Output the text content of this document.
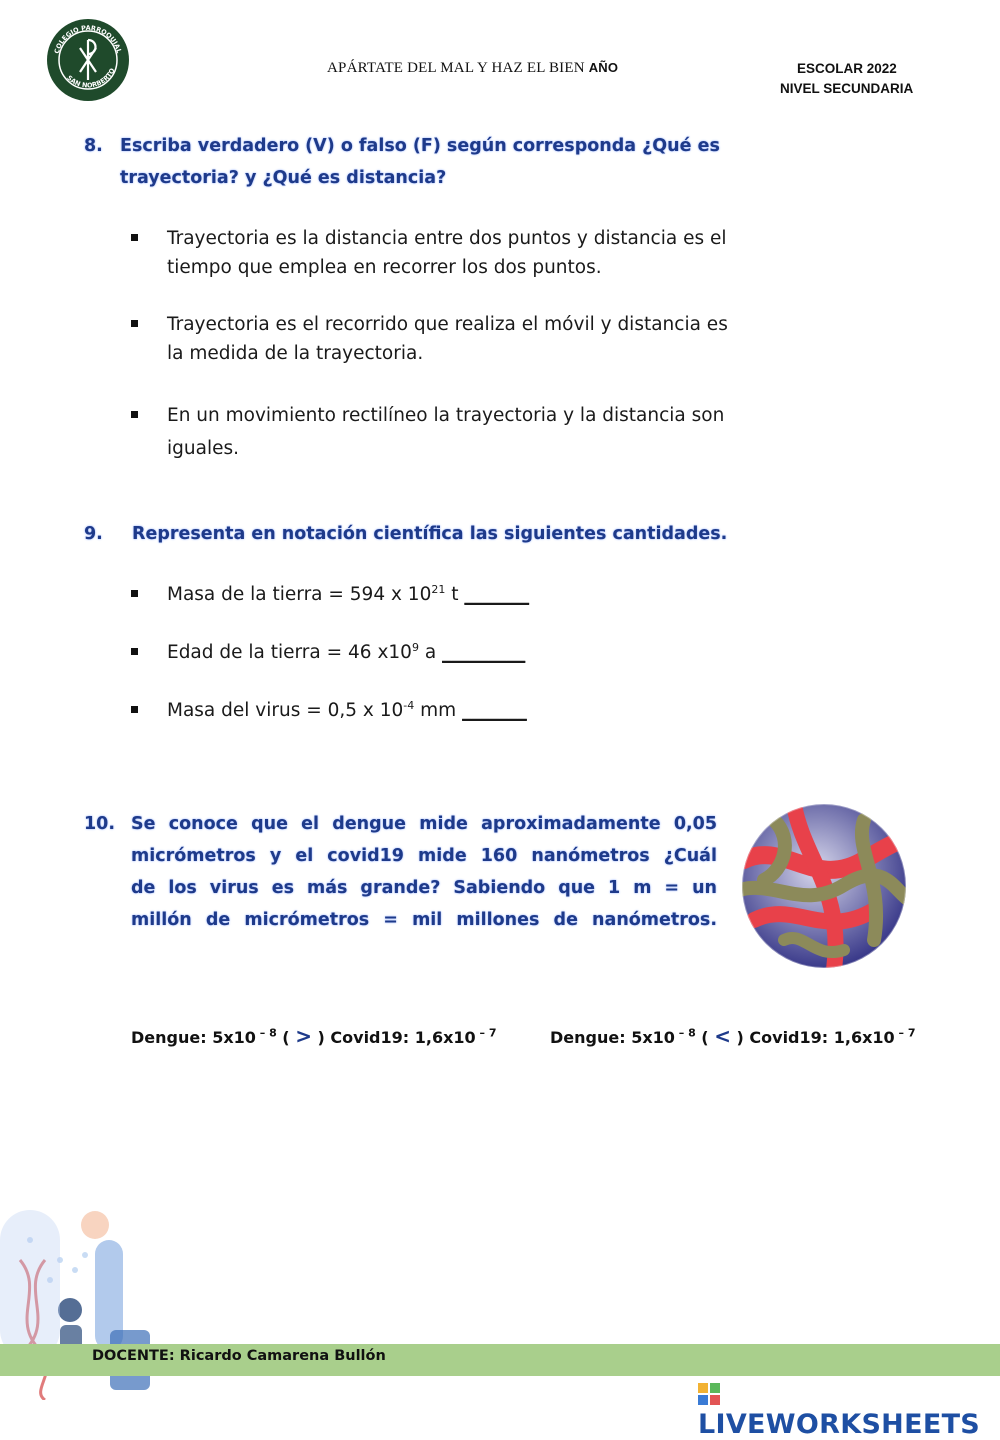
COLEGIO PARROQUIAL
SAN NORBERTO	APÁRTATE DEL MAL Y HAZ EL BIEN AÑO	ESCOLAR 2022
NIVEL SECUNDARIA
8. Escriba verdadero (V) o falso (F) según corresponda ¿Qué es
trayectoria? y ¿Qué es distancia?
Trayectoria es la distancia entre dos puntos y distancia es el
tiempo que emplea en recorrer los dos puntos.
Trayectoria es el recorrido que realiza el móvil y distancia es
la medida de la trayectoria.
En un movimiento rectilíneo la trayectoria y la distancia son
iguales.
9. Representa en notación científica las siguientes cantidades.
Masa de la tierra = 594 x $10^{21}$ t _______
Edad de la tierra = 46 $x10^9$ a _________
Masa del virus = 0,5 x $10^{-4}$ mm _______
10. Se conoce que el dengue mide aproximadamente 0,05
micrómetros y el covid19 mide 160 nanómetros ¿Cuál
de los virus es más grande? Sabiendo que 1 m = un
millón de micrómetros = mil millones de nanómetros.
Dengue: 5x10 $^{- 8}$ ( > ) Covid19: 1,6x10 $^{- 7}$	Dengue: 5x10 $^{- 8}$ ( < ) Covid19: 1,6x10 $^{- 7}$
DOCENTE: Ricardo Camarena Bullón
LIVEWORKSHEETS
